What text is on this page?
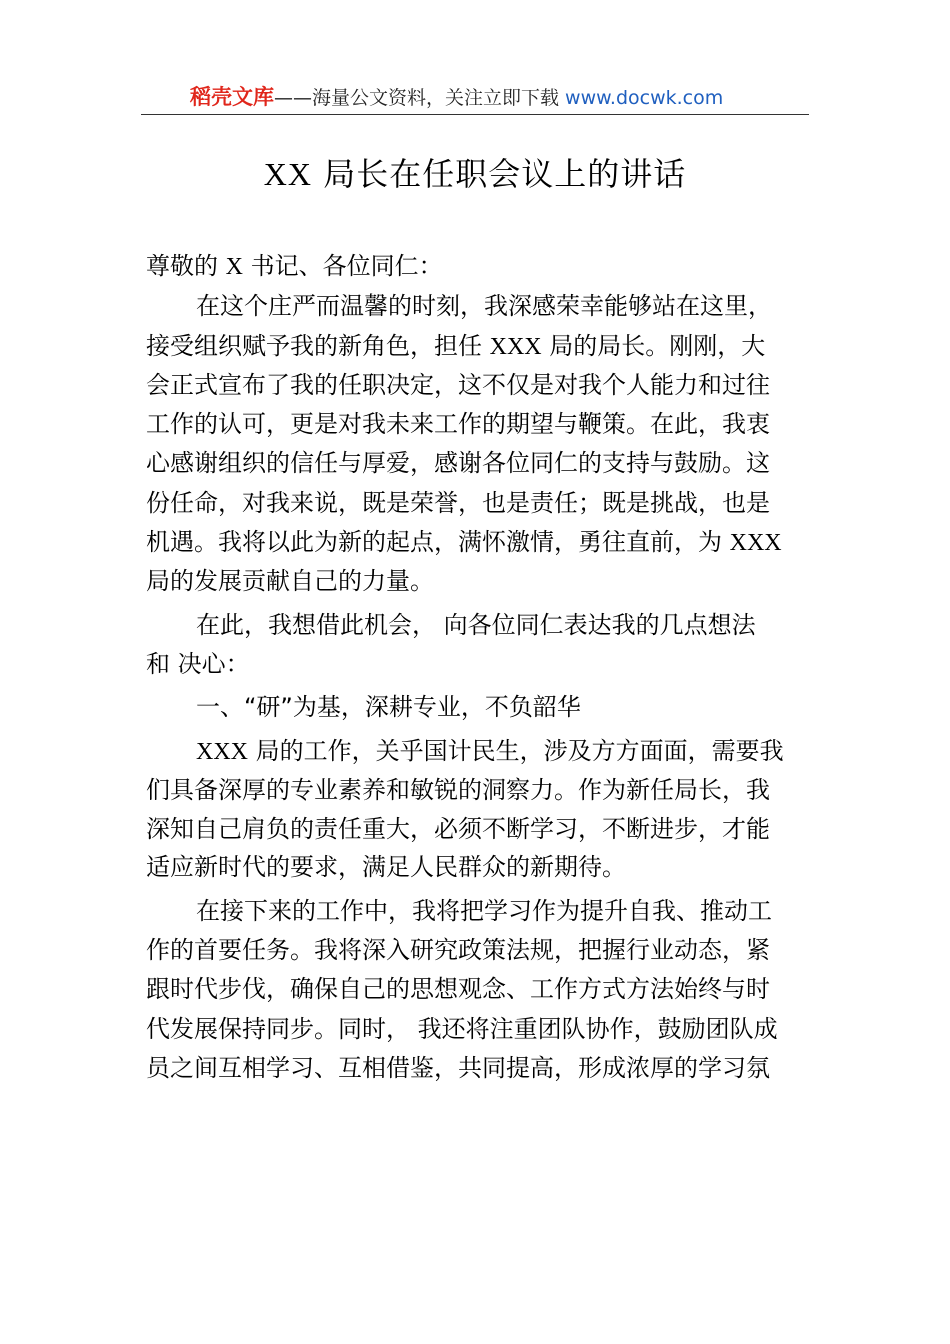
稻壳文库——海量公文资料，关注立即下载 www.docwk.com
XX 局长在任职会议上的讲话
尊敬的 X 书记、各位同仁：
在这个庄严而温馨的时刻，我深感荣幸能够站在这里，
接受组织赋予我的新角色，担任 XXX 局的局长。刚刚，大
会正式宣布了我的任职决定，这不仅是对我个人能力和过往
工作的认可，更是对我未来工作的期望与鞭策。在此，我衷
心感谢组织的信任与厚爱，感谢各位同仁的支持与鼓励。这
份任命，对我来说，既是荣誉，也是责任；既是挑战，也是
机遇。我将以此为新的起点，满怀激情，勇往直前，为 XXX
局的发展贡献自己的力量。
在此，我想借此机会， 向各位同仁表达我的几点想法
和 决心：
一、“研”为基，深耕专业，不负韶华
XXX 局的工作，关乎国计民生，涉及方方面面，需要我
们具备深厚的专业素养和敏锐的洞察力。作为新任局长，我
深知自己肩负的责任重大，必须不断学习，不断进步，才能
适应新时代的要求，满足人民群众的新期待。
在接下来的工作中，我将把学习作为提升自我、推动工
作的首要任务。我将深入研究政策法规，把握行业动态，紧
跟时代步伐，确保自己的思想观念、工作方式方法始终与时
代发展保持同步。同时， 我还将注重团队协作，鼓励团队成
员之间互相学习、互相借鉴，共同提高，形成浓厚的学习氛
